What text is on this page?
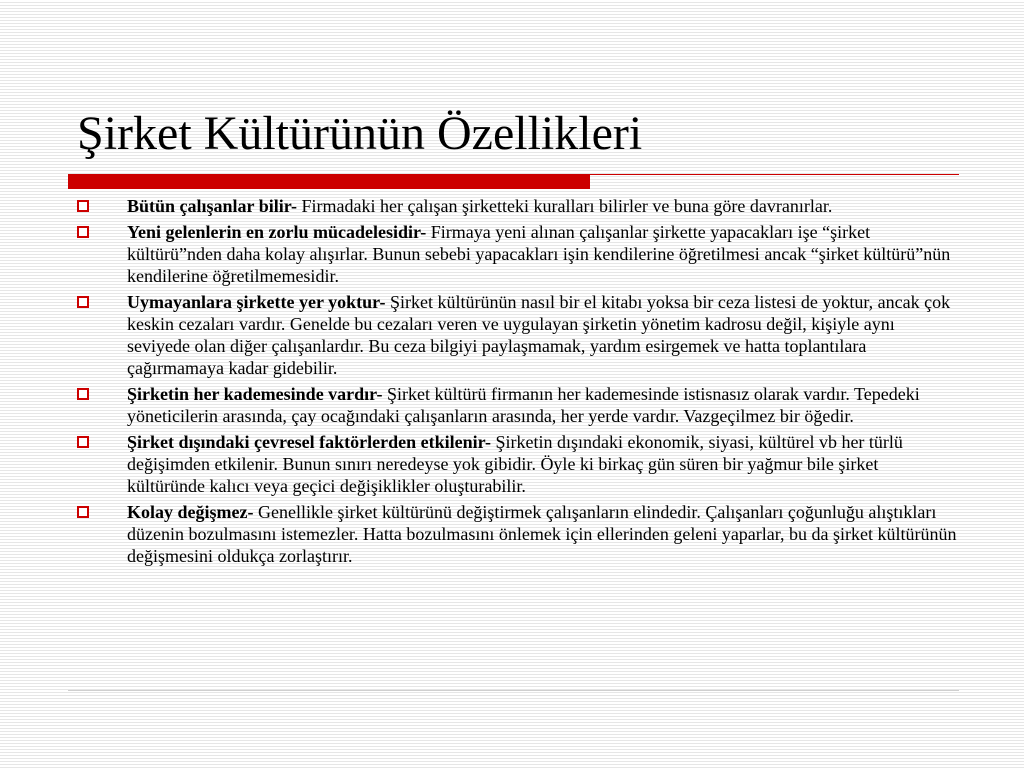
Şirket Kültürünün Özellikleri
Bütün çalışanlar bilir- Firmadaki her çalışan şirketteki kuralları bilirler ve buna göre davranırlar.
Yeni gelenlerin en zorlu mücadelesidir- Firmaya yeni alınan çalışanlar şirkette yapacakları işe “şirket kültürü”nden daha kolay alışırlar. Bunun sebebi yapacakları işin kendilerine öğretilmesi ancak “şirket kültürü”nün kendilerine öğretilmemesidir.
Uymayanlara şirkette yer yoktur- Şirket kültürünün nasıl bir el kitabı yoksa bir ceza listesi de yoktur, ancak çok keskin cezaları vardır. Genelde bu cezaları veren ve uygulayan şirketin yönetim kadrosu değil, kişiyle aynı seviyede olan diğer çalışanlardır. Bu ceza bilgiyi paylaşmamak, yardım esirgemek ve hatta toplantılara çağırmamaya kadar gidebilir.
Şirketin her kademesinde vardır- Şirket kültürü firmanın her kademesinde istisnasız olarak vardır. Tepedeki yöneticilerin arasında, çay ocağındaki çalışanların arasında, her yerde vardır. Vazgeçilmez bir öğedir.
Şirket dışındaki çevresel faktörlerden etkilenir- Şirketin dışındaki ekonomik, siyasi, kültürel vb her türlü değişimden etkilenir. Bunun sınırı neredeyse yok gibidir. Öyle ki birkaç gün süren bir yağmur bile şirket kültüründe kalıcı veya geçici değişiklikler oluşturabilir.
Kolay değişmez- Genellikle şirket kültürünü değiştirmek çalışanların elindedir. Çalışanları çoğunluğu alıştıkları düzenin bozulmasını istemezler. Hatta bozulmasını önlemek için ellerinden geleni yaparlar, bu da şirket kültürünün değişmesini oldukça zorlaştırır.
